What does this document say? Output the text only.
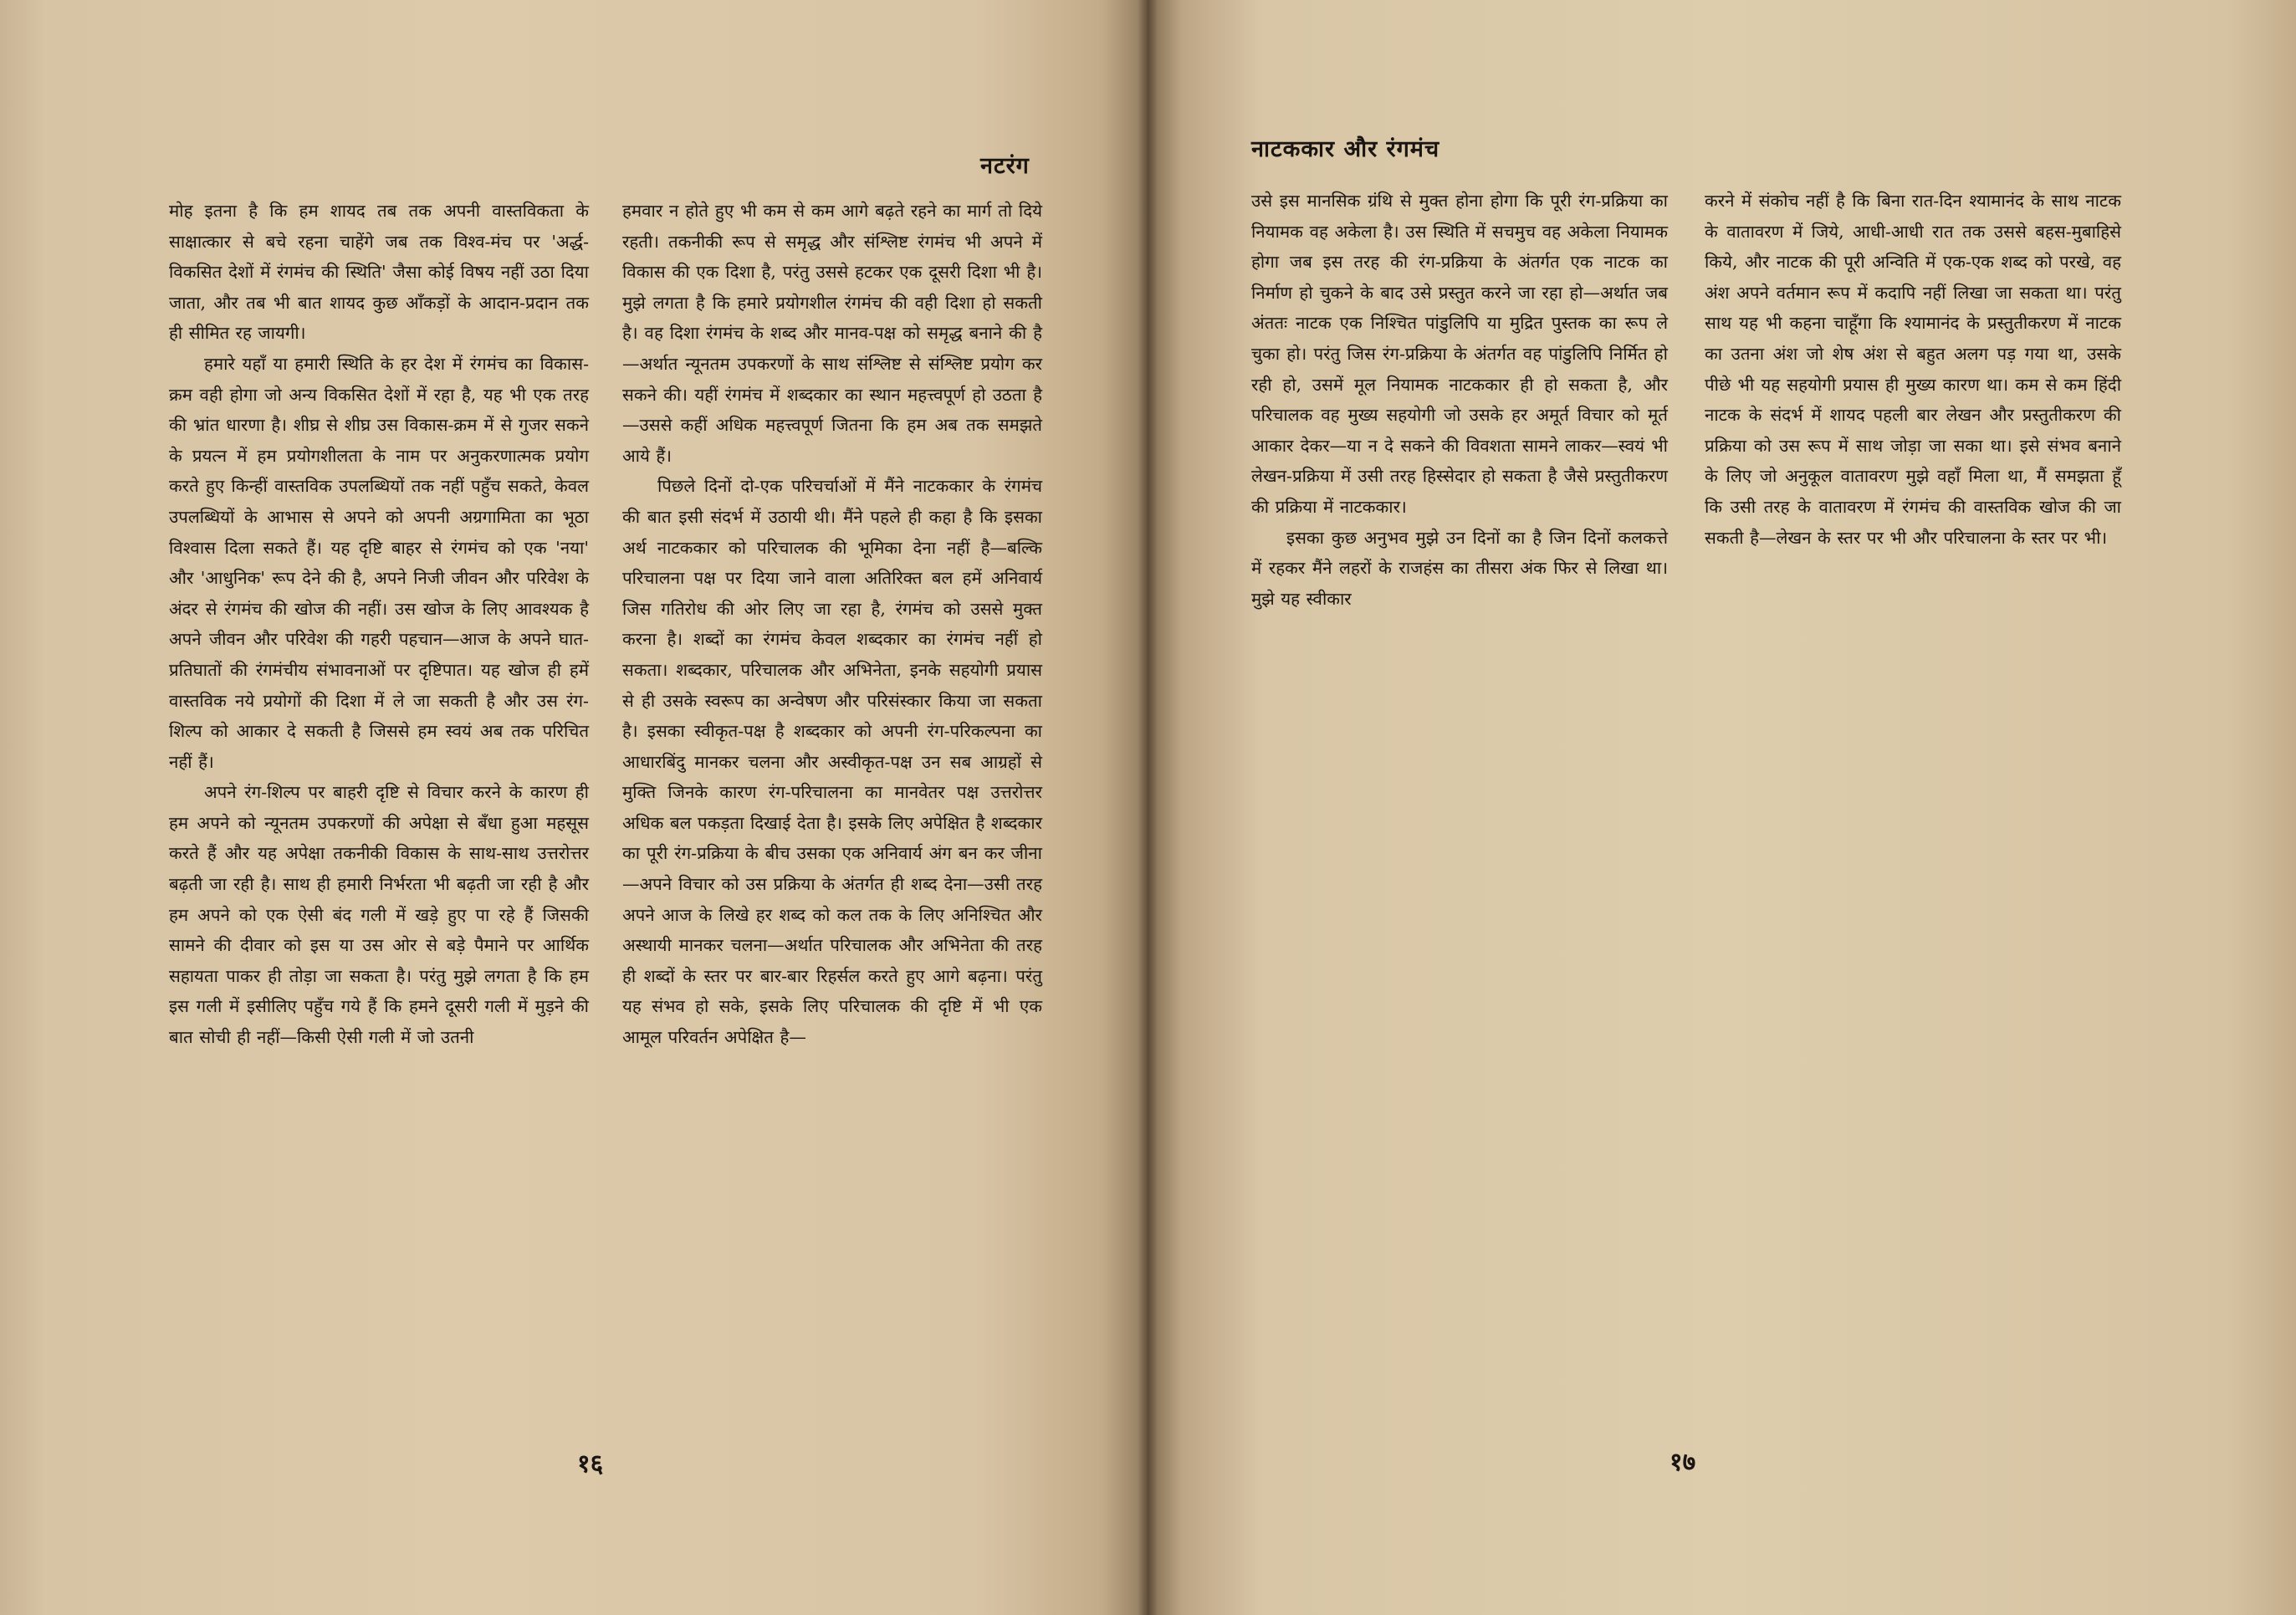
नटरंग

मोह इतना है कि हम शायद तब तक अपनी वास्तविकता के साक्षात्कार से बचे रहना चाहेंगे जब तक विश्व-मंच पर 'अर्द्ध-विकसित देशों में रंगमंच की स्थिति' जैसा कोई विषय नहीं उठा दिया जाता, और तब भी बात शायद कुछ आँकड़ों के आदान-प्रदान तक ही सीमित रह जायगी।

हमारे यहाँ या हमारी स्थिति के हर देश में रंगमंच का विकास-क्रम वही होगा जो अन्य विकसित देशों में रहा है, यह भी एक तरह की भ्रांत धारणा है। शीघ्र से शीघ्र उस विकास-क्रम में से गुजर सकने के प्रयत्न में हम प्रयोगशीलता के नाम पर अनुकरणात्मक प्रयोग करते हुए किन्हीं वास्तविक उपलब्धियों तक नहीं पहुँच सकते, केवल उपलब्धियों के आभास से अपने को अपनी अग्रगामिता का भूठा विश्वास दिला सकते हैं। यह दृष्टि बाहर से रंगमंच को एक 'नया' और 'आधुनिक' रूप देने की है, अपने निजी जीवन और परिवेश के अंदर से रंगमंच की खोज की नहीं। उस खोज के लिए आवश्यक है अपने जीवन और परिवेश की गहरी पहचान—आज के अपने घात-प्रतिघातों की रंगमंचीय संभावनाओं पर दृष्टिपात। यह खोज ही हमें वास्तविक नये प्रयोगों की दिशा में ले जा सकती है और उस रंग-शिल्प को आकार दे सकती है जिससे हम स्वयं अब तक परिचित नहीं हैं।

अपने रंग-शिल्प पर बाहरी दृष्टि से विचार करने के कारण ही हम अपने को न्यूनतम उपकरणों की अपेक्षा से बँधा हुआ महसूस करते हैं और यह अपेक्षा तकनीकी विकास के साथ-साथ उत्तरोत्तर बढ़ती जा रही है। साथ ही हमारी निर्भरता भी बढ़ती जा रही है और हम अपने को एक ऐसी बंद गली में खड़े हुए पा रहे हैं जिसकी सामने की दीवार को इस या उस ओर से बड़े पैमाने पर आर्थिक सहायता पाकर ही तोड़ा जा सकता है। परंतु मुझे लगता है कि हम इस गली में इसीलिए पहुँच गये हैं कि हमने दूसरी गली में मुड़ने की बात सोची ही नहीं—किसी ऐसी गली में जो उतनी

हमवार न होते हुए भी कम से कम आगे बढ़ते रहने का मार्ग तो दिये रहती। तकनीकी रूप से समृद्ध और संश्लिष्ट रंगमंच भी अपने में विकास की एक दिशा है, परंतु उससे हटकर एक दूसरी दिशा भी है। मुझे लगता है कि हमारे प्रयोगशील रंगमंच की वही दिशा हो सकती है। वह दिशा रंगमंच के शब्द और मानव-पक्ष को समृद्ध बनाने की है—अर्थात न्यूनतम उपकरणों के साथ संश्लिष्ट से संश्लिष्ट प्रयोग कर सकने की। यहीं रंगमंच में शब्दकार का स्थान महत्त्वपूर्ण हो उठता है—उससे कहीं अधिक महत्त्वपूर्ण जितना कि हम अब तक समझते आये हैं।

पिछले दिनों दो-एक परिचर्चाओं में मैंने नाटककार के रंगमंच की बात इसी संदर्भ में उठायी थी। मैंने पहले ही कहा है कि इसका अर्थ नाटककार को परिचालक की भूमिका देना नहीं है—बल्कि परिचालना पक्ष पर दिया जाने वाला अतिरिक्त बल हमें अनिवार्य जिस गतिरोध की ओर लिए जा रहा है, रंगमंच को उससे मुक्त करना है। शब्दों का रंगमंच केवल शब्दकार का रंगमंच नहीं हो सकता। शब्दकार, परिचालक और अभिनेता, इनके सहयोगी प्रयास से ही उसके स्वरूप का अन्वेषण और परिसंस्कार किया जा सकता है। इसका स्वीकृत-पक्ष है शब्दकार को अपनी रंग-परिकल्पना का आधारबिंदु मानकर चलना और अस्वीकृत-पक्ष उन सब आग्रहों से मुक्ति जिनके कारण रंग-परिचालना का मानवेतर पक्ष उत्तरोत्तर अधिक बल पकड़ता दिखाई देता है। इसके लिए अपेक्षित है शब्दकार का पूरी रंग-प्रक्रिया के बीच उसका एक अनिवार्य अंग बन कर जीना—अपने विचार को उस प्रक्रिया के अंतर्गत ही शब्द देना—उसी तरह अपने आज के लिखे हर शब्द को कल तक के लिए अनिश्चित और अस्थायी मानकर चलना—अर्थात परिचालक और अभिनेता की तरह ही शब्दों के स्तर पर बार-बार रिहर्सल करते हुए आगे बढ़ना। परंतु यह संभव हो सके, इसके लिए परिचालक की दृष्टि में भी एक आमूल परिवर्तन अपेक्षित है—

१६
नाटककार और रंगमंच

उसे इस मानसिक ग्रंथि से मुक्त होना होगा कि पूरी रंग-प्रक्रिया का नियामक वह अकेला है। उस स्थिति में सचमुच वह अकेला नियामक होगा जब इस तरह की रंग-प्रक्रिया के अंतर्गत एक नाटक का निर्माण हो चुकने के बाद उसे प्रस्तुत करने जा रहा हो—अर्थात जब अंततः नाटक एक निश्चित पांडुलिपि या मुद्रित पुस्तक का रूप ले चुका हो। परंतु जिस रंग-प्रक्रिया के अंतर्गत वह पांडुलिपि निर्मित हो रही हो, उसमें मूल नियामक नाटककार ही हो सकता है, और परिचालक वह मुख्य सहयोगी जो उसके हर अमूर्त विचार को मूर्त आकार देकर—या न दे सकने की विवशता सामने लाकर—स्वयं भी लेखन-प्रक्रिया में उसी तरह हिस्सेदार हो सकता है जैसे प्रस्तुतीकरण की प्रक्रिया में नाटककार।

इसका कुछ अनुभव मुझे उन दिनों का है जिन दिनों कलकत्ते में रहकर मैंने लहरों के राजहंस का तीसरा अंक फिर से लिखा था। मुझे यह स्वीकार

करने में संकोच नहीं है कि बिना रात-दिन श्यामानंद के साथ नाटक के वातावरण में जिये, आधी-आधी रात तक उससे बहस-मुबाहिसे किये, और नाटक की पूरी अन्विति में एक-एक शब्द को परखे, वह अंश अपने वर्तमान रूप में कदापि नहीं लिखा जा सकता था। परंतु साथ यह भी कहना चाहूँगा कि श्यामानंद के प्रस्तुतीकरण में नाटक का उतना अंश जो शेष अंश से बहुत अलग पड़ गया था, उसके पीछे भी यह सहयोगी प्रयास ही मुख्य कारण था। कम से कम हिंदी नाटक के संदर्भ में शायद पहली बार लेखन और प्रस्तुतीकरण की प्रक्रिया को उस रूप में साथ जोड़ा जा सका था। इसे संभव बनाने के लिए जो अनुकूल वातावरण मुझे वहाँ मिला था, मैं समझता हूँ कि उसी तरह के वातावरण में रंगमंच की वास्तविक खोज की जा सकती है—लेखन के स्तर पर भी और परिचालना के स्तर पर भी।

१७
